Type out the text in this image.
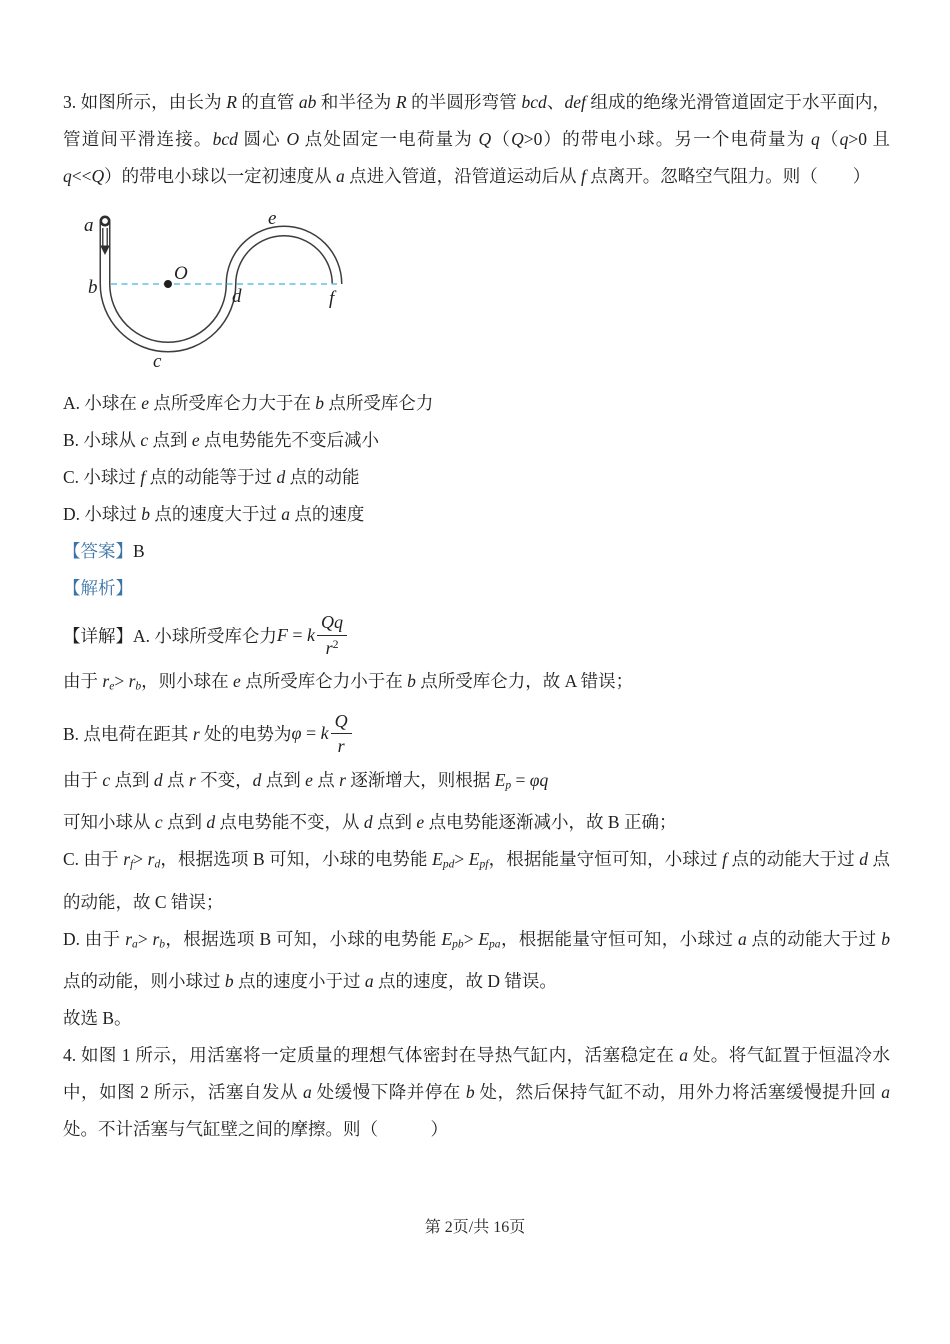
3. 如图所示，由长为 R 的直管 ab 和半径为 R 的半圆形弯管 bcd、def 组成的绝缘光滑管道固定于水平面内，管道间平滑连接。bcd 圆心 O 点处固定一电荷量为 Q（Q>0）的带电小球。另一个电荷量为 q（q>0 且 q<<Q）的带电小球以一定初速度从 a 点进入管道，沿管道运动后从 f 点离开。忽略空气阻力。则（　　）

a
b
O
c
d
e
f

A. 小球在 e 点所受库仑力大于在 b 点所受库仑力

B. 小球从 c 点到 e 点电势能先不变后减小

C. 小球过 f 点的动能等于过 d 点的动能

D. 小球过 b 点的速度大于过 a 点的速度

【答案】B

【解析】

【详解】A. 小球所受库仑力 F = k $\frac{Qq}{r^2}$

由于 re> rb，则小球在 e 点所受库仑力小于在 b 点所受库仑力，故 A 错误；

B. 点电荷在距其 r 处的电势为 φ = k $\frac{Q}{r}$

由于 c 点到 d 点 r 不变，d 点到 e 点 r 逐渐增大，则根据 Ep = φq

可知小球从 c 点到 d 点电势能不变，从 d 点到 e 点电势能逐渐减小，故 B 正确；

C. 由于 rf> rd，根据选项 B 可知，小球的电势能 Epd> Epf，根据能量守恒可知，小球过 f 点的动能大于过 d 点的动能，故 C 错误；

D. 由于 ra> rb，根据选项 B 可知，小球的电势能 Epb> Epa，根据能量守恒可知，小球过 a 点的动能大于过 b 点的动能，则小球过 b 点的速度小于过 a 点的速度，故 D 错误。

故选 B。

4. 如图 1 所示，用活塞将一定质量的理想气体密封在导热气缸内，活塞稳定在 a 处。将气缸置于恒温冷水中，如图 2 所示，活塞自发从 a 处缓慢下降并停在 b 处，然后保持气缸不动，用外力将活塞缓慢提升回 a 处。不计活塞与气缸壁之间的摩擦。则（　　　）

第 2页/共 16页
